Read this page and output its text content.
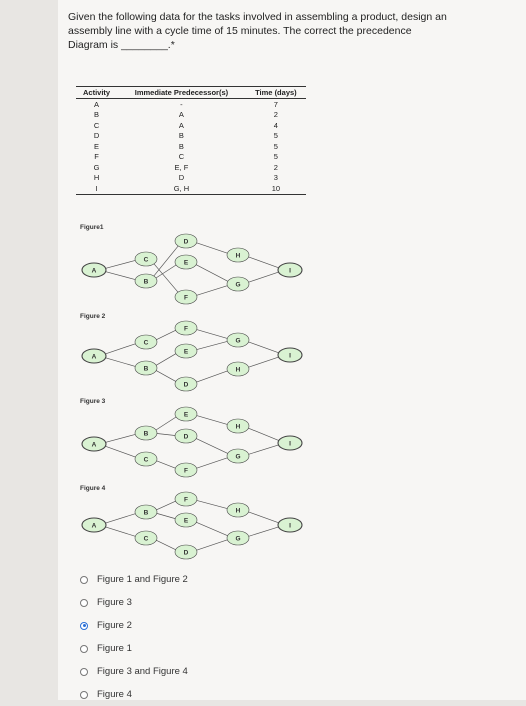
Given the following data for the tasks involved in assembling a product, design an assembly line with a cycle time of 15 minutes. The correct the precedence Diagram is ________.*
Activity	Immediate Predecessor(s)	Time (days)
A	-	7
B	A	2
C	A	4
D	B	5
E	B	5
F	C	5
G	E, F	2
H	D	3
I	G, H	10
Figure1
Figure 2
Figure 3
Figure 4
A
B
C
D
E
F
G
H
I
A
B
C
D
E
F
G
H
I
A
B
C
D
E
F
G
H
I
A
B
C
D
E
F
G
H
I
Figure 1 and Figure 2
Figure 3
Figure 2
Figure 1
Figure 3 and Figure 4
Figure 4
